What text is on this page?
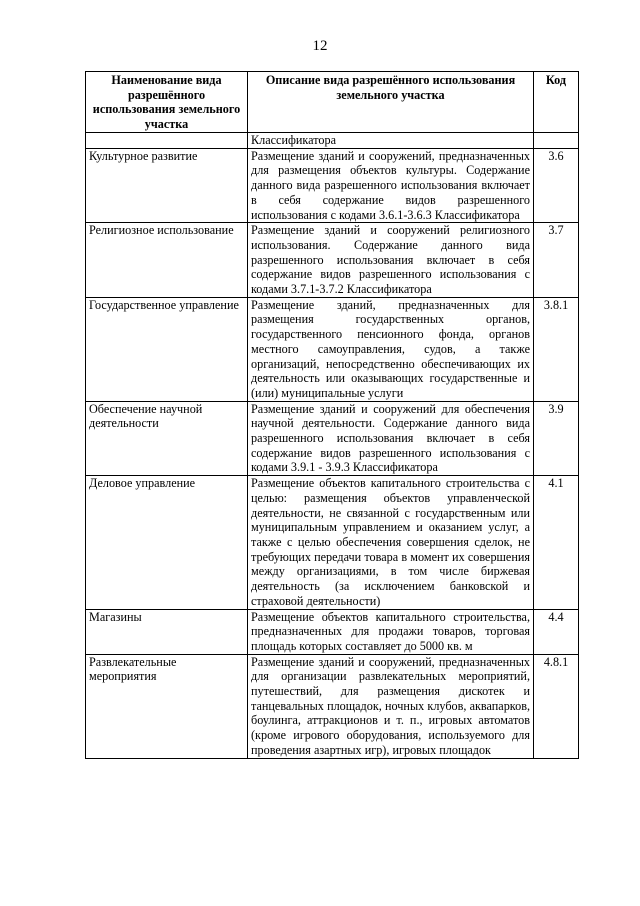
12
Наименование вида разрешённого использования земельного участка	Описание вида разрешённого использования земельного участка	Код
	Классификатора	
Культурное развитие	Размещение зданий и сооружений, предназначенных для размещения объектов культуры. Содержание данного вида разрешенного использования включает в себя содержание видов разрешенного использования с кодами 3.6.1-3.6.3 Классификатора	3.6
Религиозное использование	Размещение зданий и сооружений религиозного использования. Содержание данного вида разрешенного использования включает в себя содержание видов разрешенного использования с кодами 3.7.1-3.7.2 Классификатора	3.7
Государственное управление	Размещение зданий, предназначенных для размещения государственных органов, государственного пенсионного фонда, органов местного самоуправления, судов, а также организаций, непосредственно обеспечивающих их деятельность или оказывающих государственные и (или) муниципальные услуги	3.8.1
Обеспечение научной деятельности	Размещение зданий и сооружений для обеспечения научной деятельности. Содержание данного вида разрешенного использования включает в себя содержание видов разрешенного использования с кодами 3.9.1 - 3.9.3 Классификатора	3.9
Деловое управление	Размещение объектов капитального строительства с целью: размещения объектов управленческой деятельности, не связанной с государственным или муниципальным управлением и оказанием услуг, а также с целью обеспечения совершения сделок, не требующих передачи товара в момент их совершения между организациями, в том числе биржевая деятельность (за исключением банковской и страховой деятельности)	4.1
Магазины	Размещение объектов капитального строительства, предназначенных для продажи товаров, торговая площадь которых составляет до 5000 кв. м	4.4
Развлекательные мероприятия	Размещение зданий и сооружений, предназначенных для организации развлекательных мероприятий, путешествий, для размещения дискотек и танцевальных площадок, ночных клубов, аквапарков, боулинга, аттракционов и т. п., игровых автоматов (кроме игрового оборудования, используемого для проведения азартных игр), игровых площадок	4.8.1
